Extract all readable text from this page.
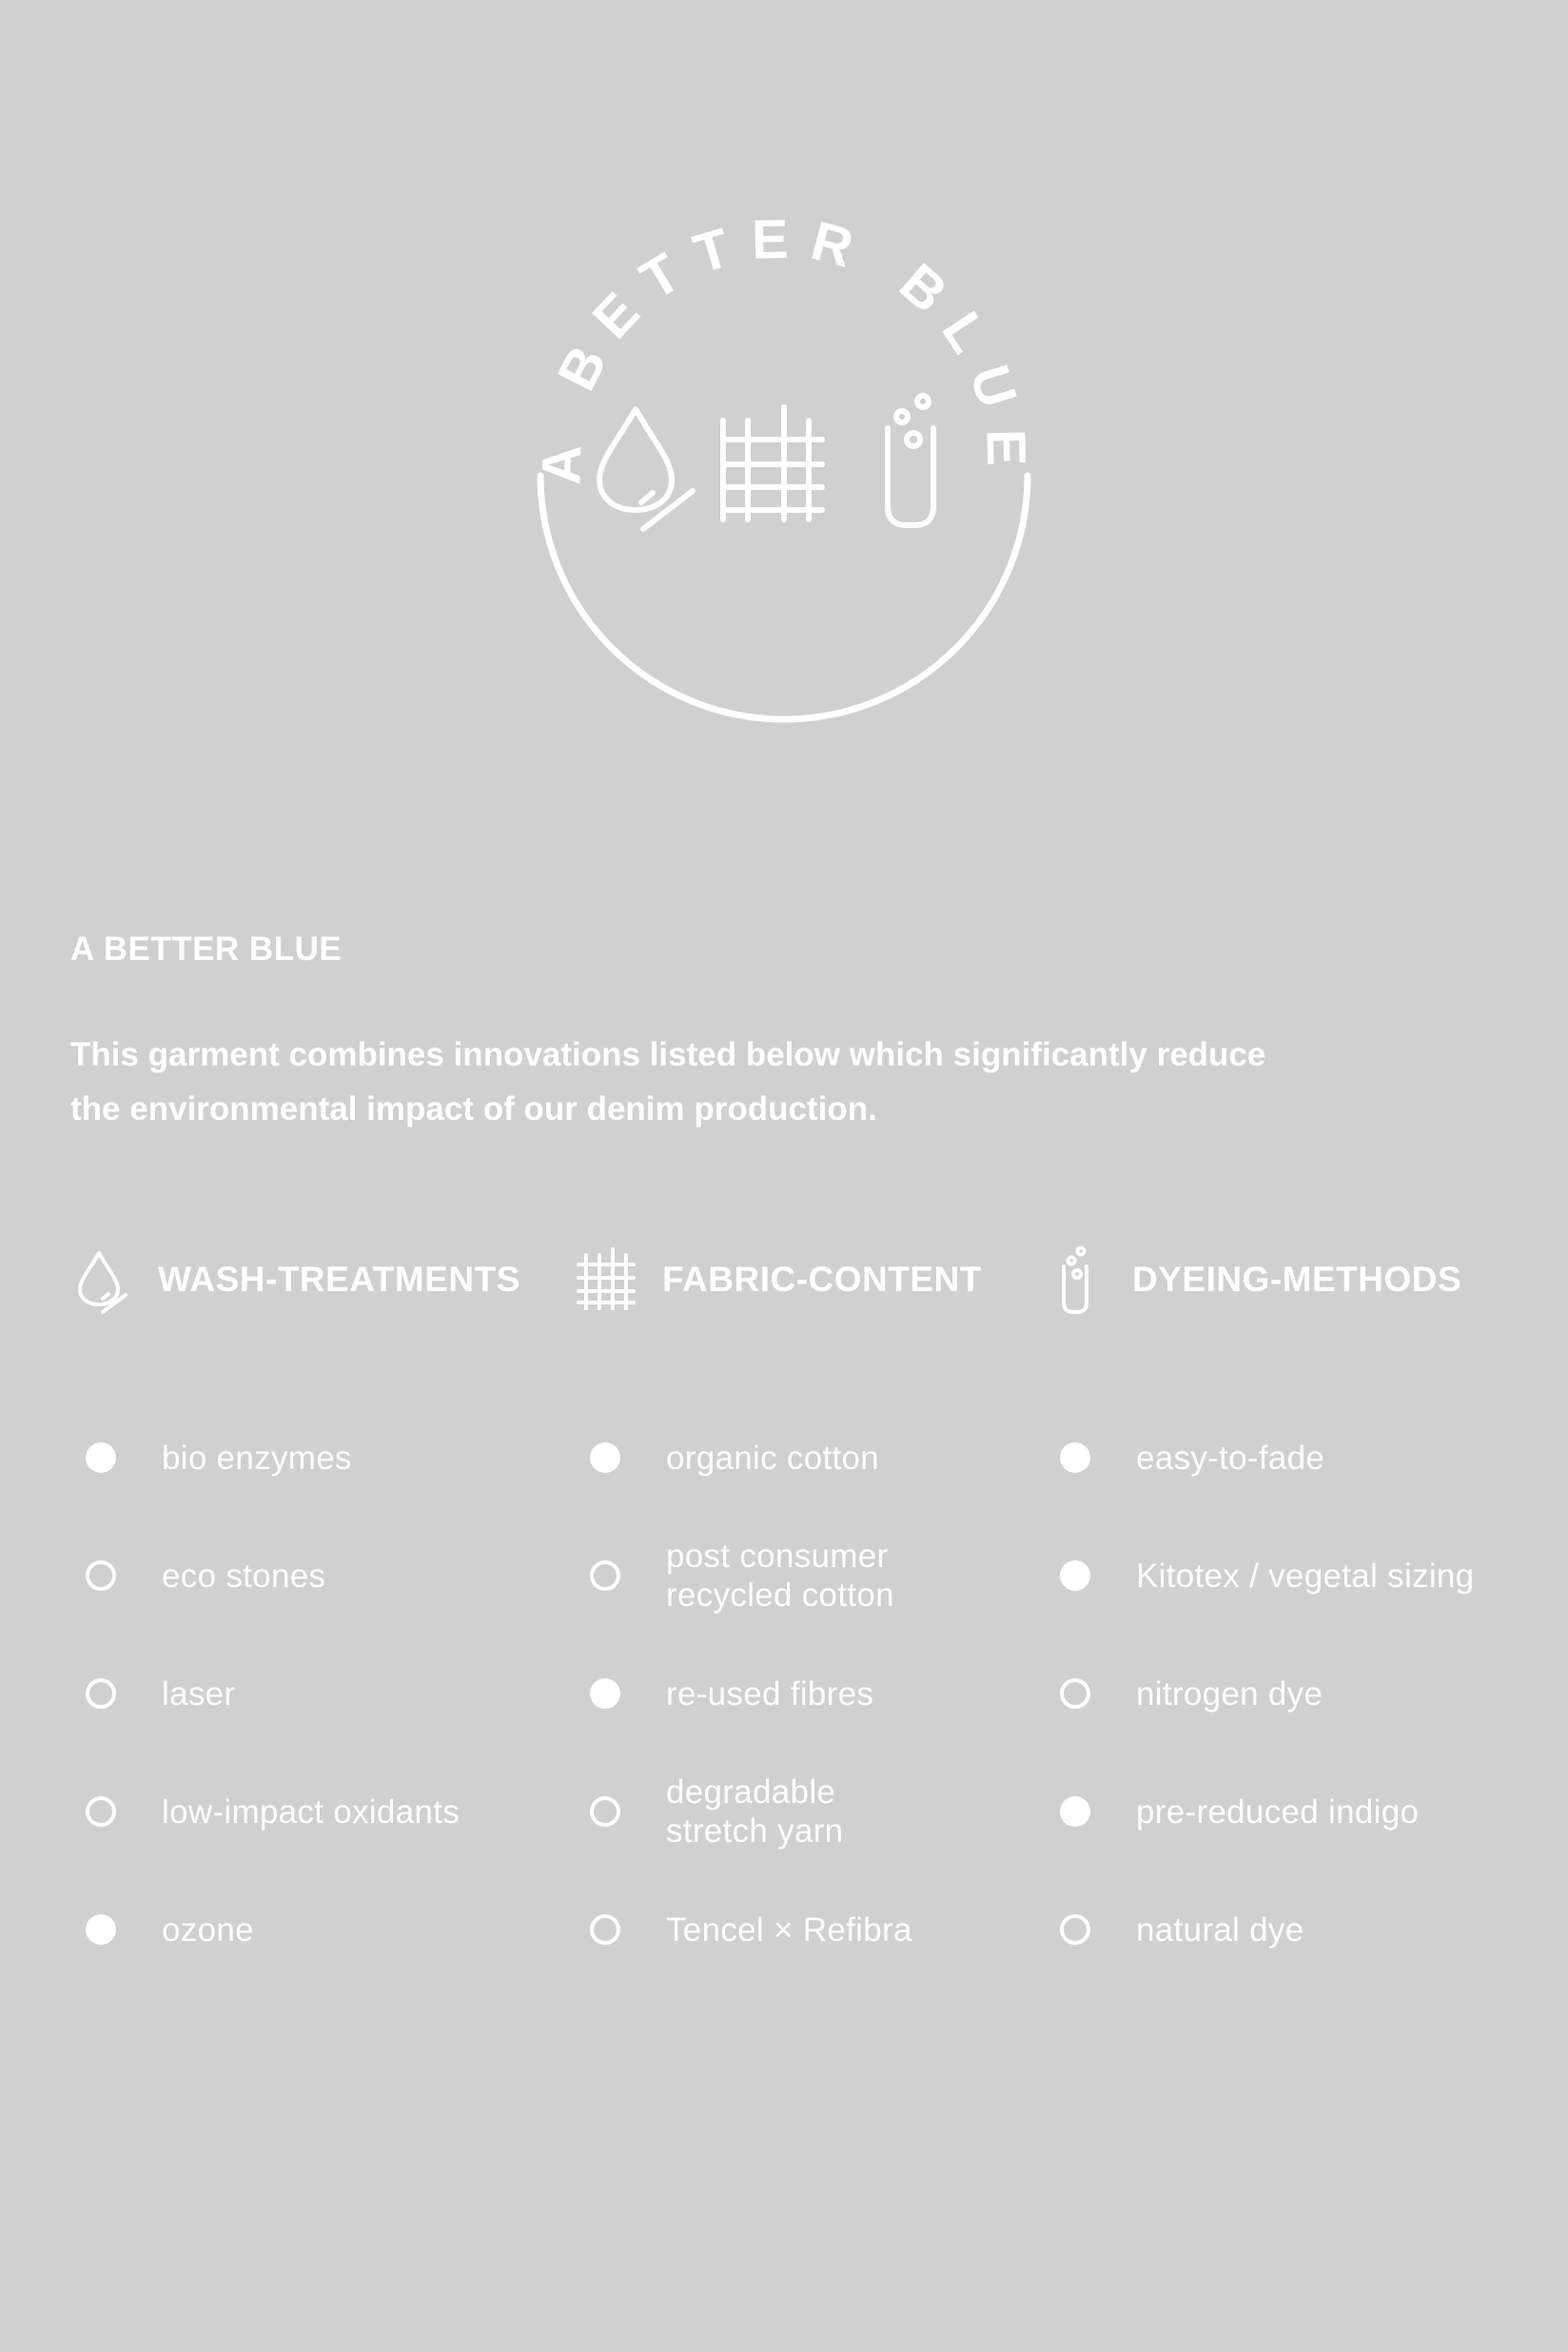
A BETTER BLUE
A BETTER BLUE

This garment combines innovations listed below which significantly reduce
the environmental impact of our denim production.

WASH-TREATMENTS
bio enzymes
eco stones
laser
low-impact oxidants
ozone
FABRIC-CONTENT
organic cotton
post consumer
recycled cotton
re-used fibres
degradable
stretch yarn
Tencel × Refibra
DYEING-METHODS
easy-to-fade
Kitotex / vegetal sizing
nitrogen dye
pre-reduced indigo
natural dye
